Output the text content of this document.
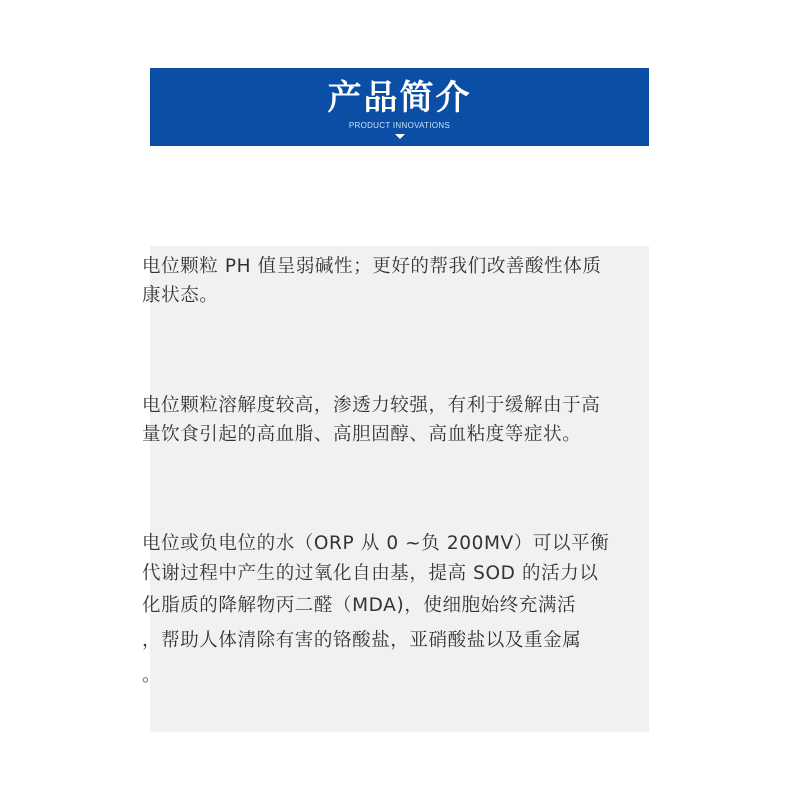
产品简介
PRODUCT INNOVATIONS
电位颗粒 PH 值呈弱碱性；更好的帮我们改善酸性体质
康状态。
电位颗粒溶解度较高，渗透力较强，有利于缓解由于高
量饮食引起的高血脂、高胆固醇、高血粘度等症状。
电位或负电位的水（ORP 从 0 ~负 200MV）可以平衡
代谢过程中产生的过氧化自由基，提高 SOD 的活力以
化脂质的降解物丙二醛（MDA)，使细胞始终充满活
，帮助人体清除有害的铬酸盐，亚硝酸盐以及重金属
。
